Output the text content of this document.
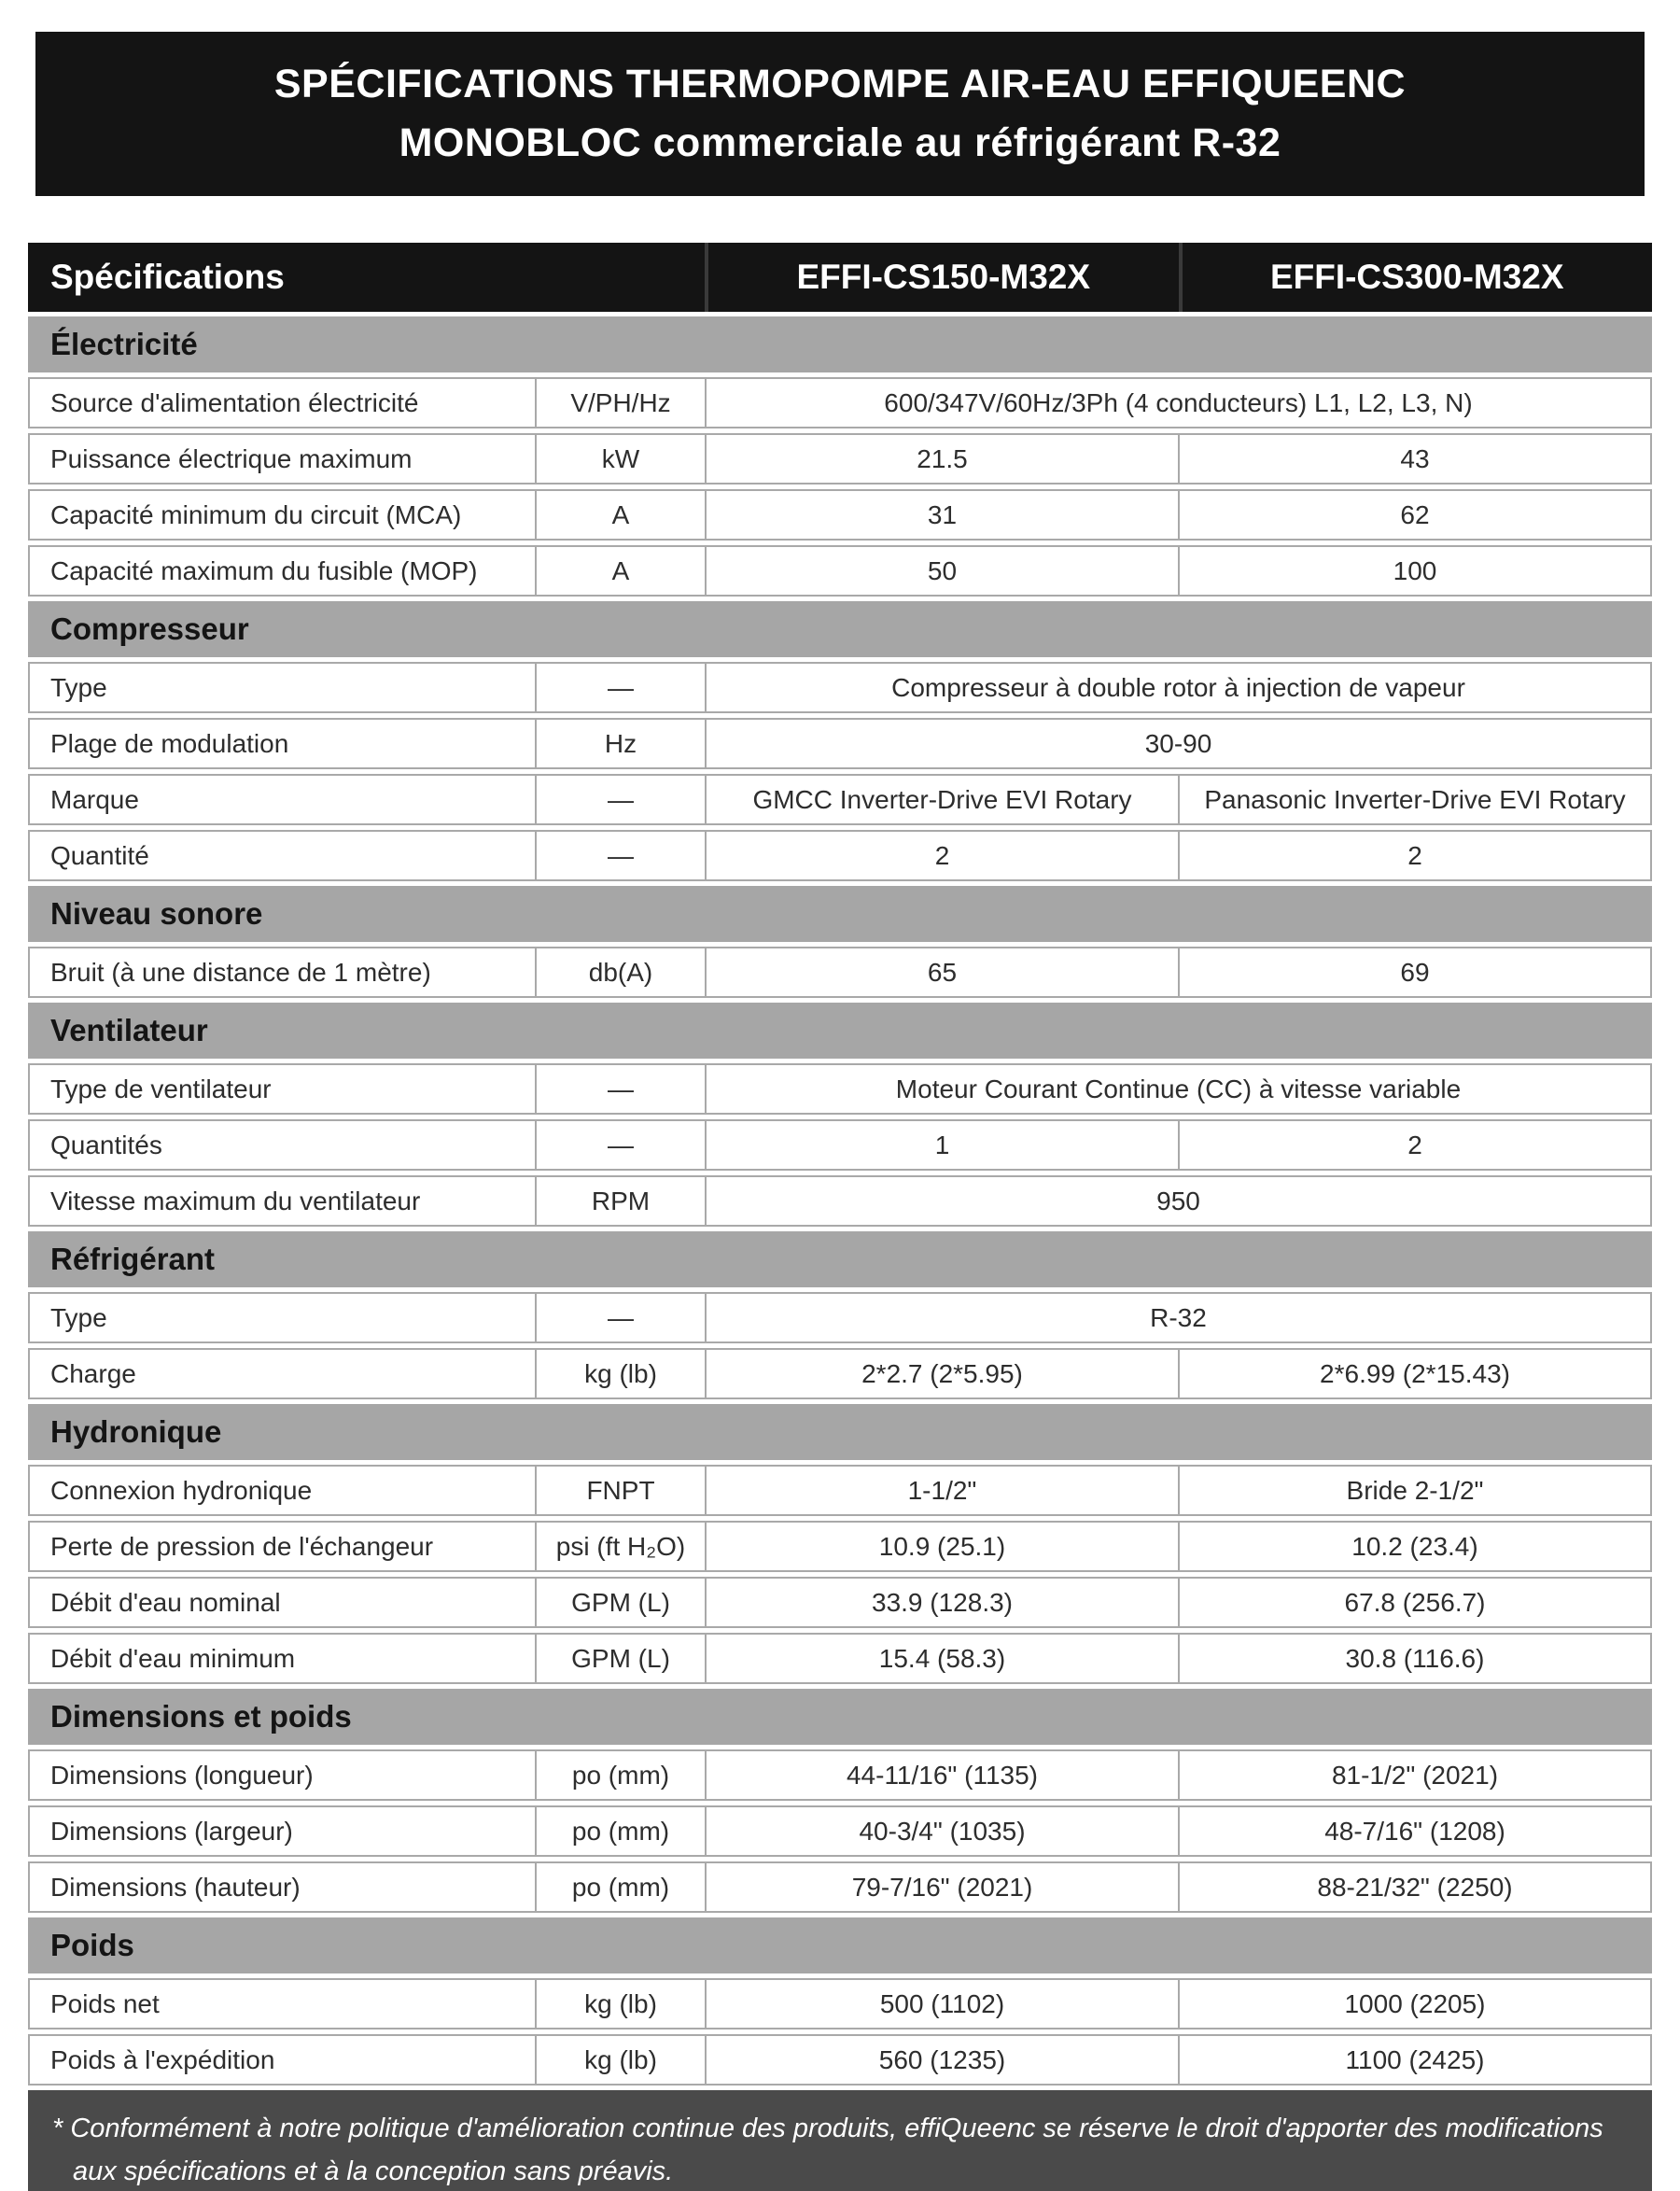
SPÉCIFICATIONS THERMOPOMPE AIR-EAU EFFIQUEENC
MONOBLOC commerciale au réfrigérant R-32
Spécifications	EFFI-CS150-M32X	EFFI-CS300-M32X
Électricité
Source d'alimentation électricité	V/PH/Hz	600/347V/60Hz/3Ph (4 conducteurs) L1, L2, L3, N)
Puissance électrique maximum	kW	21.5	43
Capacité minimum du circuit (MCA)	A	31	62
Capacité maximum du fusible (MOP)	A	50	100
Compresseur
Type	—	Compresseur à double rotor à injection de vapeur
Plage de modulation	Hz	30-90
Marque	—	GMCC Inverter-Drive EVI Rotary	Panasonic Inverter-Drive EVI Rotary
Quantité	—	2	2
Niveau sonore
Bruit (à une distance de 1 mètre)	db(A)	65	69
Ventilateur
Type de ventilateur	—	Moteur Courant Continue (CC) à vitesse variable
Quantités	—	1	2
Vitesse maximum du ventilateur	RPM	950
Réfrigérant
Type	—	R-32
Charge	kg (lb)	2*2.7 (2*5.95)	2*6.99 (2*15.43)
Hydronique
Connexion hydronique	FNPT	1-1/2"	Bride 2-1/2"
Perte de pression de l'échangeur	psi (ft H₂O)	10.9 (25.1)	10.2 (23.4)
Débit d'eau nominal	GPM (L)	33.9 (128.3)	67.8 (256.7)
Débit d'eau minimum	GPM (L)	15.4 (58.3)	30.8 (116.6)
Dimensions et poids
Dimensions (longueur)	po (mm)	44-11/16" (1135)	81-1/2" (2021)
Dimensions (largeur)	po (mm)	40-3/4" (1035)	48-7/16" (1208)
Dimensions (hauteur)	po (mm)	79-7/16" (2021)	88-21/32" (2250)
Poids
Poids net	kg (lb)	500 (1102)	1000 (2205)
Poids à l'expédition	kg (lb)	560 (1235)	1100 (2425)
* Conformément à notre politique d'amélioration continue des produits, effiQueenc se réserve le droit d'apporter des modifications aux spécifications et à la conception sans préavis.
